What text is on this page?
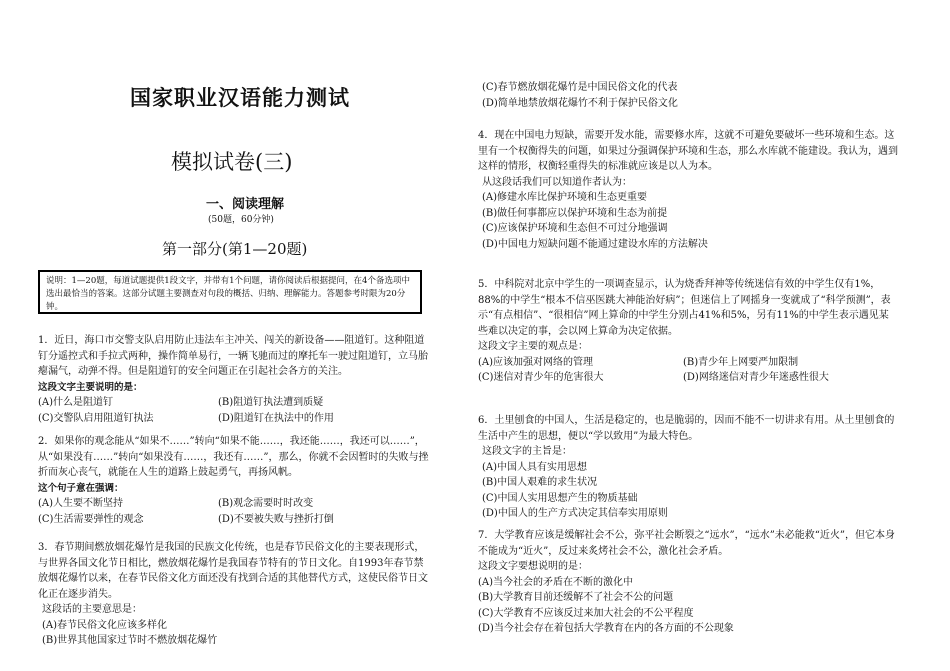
国家职业汉语能力测试
模拟试卷(三)
一、阅读理解
(50题，60分钟)
第一部分(第1—20题)
说明：1—20题，每道试题提供1段文字，并带有1个问题，请你阅读后根据提问，在4个备选项中选出最恰当的答案。这部分试题主要测查对句段的概括、归纳、理解能力。答题参考时限为20分钟。

1．近日，海口市交警支队启用防止违法车主冲关、闯关的新设备——阻道钉。这种阻道钉分遥控式和手拉式两种，操作简单易行，一辆飞驰而过的摩托车一驶过阻道钉，立马胎瘪漏气，动弹不得。但是阻道钉的安全问题正在引起社会各方的关注。

这段文字主要说明的是：

(A)什么是阻道钉	(B)阻道钉执法遭到质疑
(C)交警队启用阻道钉执法	(D)阻道钉在执法中的作用

2．如果你的观念能从“如果不……”转向“如果不能……，我还能……，我还可以……”，从“如果没有……”转向“如果没有……，我还有……”，那么，你就不会因暂时的失败与挫折而灰心丧气，就能在人生的道路上鼓起勇气，再扬风帆。

这个句子意在强调：

(A)人生要不断坚持	(B)观念需要时时改变
(C)生活需要弹性的观念	(D)不要被失败与挫折打倒

3．春节期间燃放烟花爆竹是我国的民族文化传统，也是春节民俗文化的主要表现形式，与世界各国文化节日相比，燃放烟花爆竹是我国春节特有的节日文化。自1993年春节禁放烟花爆竹以来，在春节民俗文化方面还没有找到合适的其他替代方式，这使民俗节日文化正在逐步消失。

这段话的主要意思是：

(A)春节民俗文化应该多样化

(B)世界其他国家过节时不燃放烟花爆竹

(C)春节燃放烟花爆竹是中国民俗文化的代表

(D)简单地禁放烟花爆竹不利于保护民俗文化

4．现在中国电力短缺，需要开发水能，需要修水库，这就不可避免要破坏一些环境和生态。这里有一个权衡得失的问题，如果过分强调保护环境和生态，那么水库就不能建设。我认为，遇到这样的情形，权衡轻重得失的标准就应该是以人为本。

从这段话我们可以知道作者认为：

(A)修建水库比保护环境和生态更重要

(B)做任何事都应以保护环境和生态为前提

(C)应该保护环境和生态但不可过分地强调

(D)中国电力短缺问题不能通过建设水库的方法解决

5．中科院对北京中学生的一项调查显示，认为烧香拜神等传统迷信有效的中学生仅有1%，88%的中学生“根本不信巫医跳大神能治好病”；但迷信上了网摇身一变就成了“科学预测”，表示“有点相信”、“很相信”网上算命的中学生分别占41%和5%，另有11%的中学生表示遇见某些难以决定的事，会以网上算命为决定依据。

这段文字主要的观点是：

(A)应该加强对网络的管理	(B)青少年上网要严加限制
(C)迷信对青少年的危害很大	(D)网络迷信对青少年迷惑性很大

6．土里刨食的中国人，生活是稳定的，也是脆弱的，因而不能不一切讲求有用。从土里刨食的生活中产生的思想，便以“学以致用”为最大特色。

这段文字的主旨是：

(A)中国人具有实用思想

(B)中国人艰难的求生状况

(C)中国人实用思想产生的物质基础

(D)中国人的生产方式决定其信奉实用原则

7．大学教育应该是缓解社会不公，弥平社会断裂之“远水”，“远水”未必能救“近火”，但它本身不能成为“近火”，反过来炙烤社会不公，激化社会矛盾。

这段文字要想说明的是：

(A)当今社会的矛盾在不断的激化中

(B)大学教育目前还缓解不了社会不公的问题

(C)大学教育不应该反过来加大社会的不公平程度

(D)当今社会存在着包括大学教育在内的各方面的不公现象
